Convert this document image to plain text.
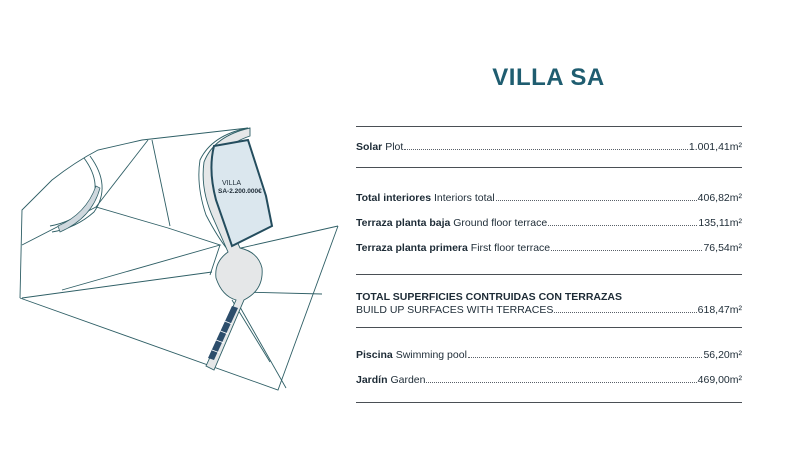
VILLA
SA-2.200.000€
VILLA SA
Solar Plot	1.001,41m²
Total interiores Interiors total	406,82m²
Terraza planta baja Ground floor terrace	135,11m²
Terraza planta primera First floor terrace	76,54m²
TOTAL SUPERFICIES CONTRUIDAS CON TERRAZAS
BUILD UP SURFACES WITH TERRACES	618,47m²
Piscina Swimming pool	56,20m²
Jardín Garden	469,00m²
